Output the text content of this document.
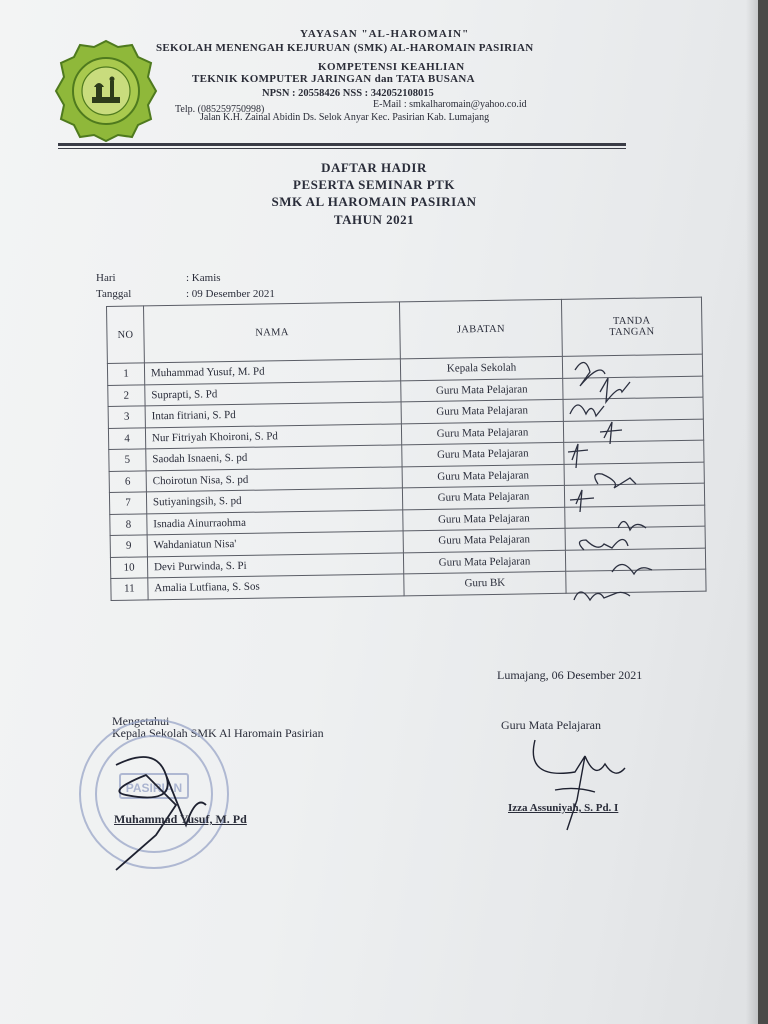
YAYASAN "AL-HAROMAIN"
SEKOLAH MENENGAH KEJURUAN (SMK) AL-HAROMAIN PASIRIAN
KOMPETENSI KEAHLIAN
TEKNIK KOMPUTER JARINGAN dan TATA BUSANA
NPSN : 20558426 NSS : 342052108015
Telp. (085259750998)	E-Mail : smkalharomain@yahoo.co.id
Jalan K.H. Zainal Abidin Ds. Selok Anyar Kec. Pasirian Kab. Lumajang
DAFTAR HADIR
PESERTA SEMINAR PTK
SMK AL HAROMAIN PASIRIAN
TAHUN 2021
Hari	: Kamis
Tanggal	: 09 Desember 2021
NO	NAMA	JABATAN	TANDA
TANGAN
1	Muhammad Yusuf, M. Pd	Kepala Sekolah	
2	Suprapti, S. Pd	Guru Mata Pelajaran	
3	Intan fitriani, S. Pd	Guru Mata Pelajaran	
4	Nur Fitriyah Khoironi, S. Pd	Guru Mata Pelajaran	
5	Saodah Isnaeni, S. pd	Guru Mata Pelajaran	
6	Choirotun Nisa, S. pd	Guru Mata Pelajaran	
7	Sutiyaningsih, S. pd	Guru Mata Pelajaran	
8	Isnadia Ainurraohma	Guru Mata Pelajaran	
9	Wahdaniatun Nisa'	Guru Mata Pelajaran	
10	Devi Purwinda, S. Pi	Guru Mata Pelajaran	
11	Amalia Lutfiana, S. Sos	Guru BK	
Lumajang, 06 Desember 2021
Mengetahui
Kepala Sekolah SMK Al Haromain Pasirian
Guru Mata Pelajaran
PASIRIAN
Muhammad Yusuf, M. Pd
Izza Assuniyah, S. Pd. I
